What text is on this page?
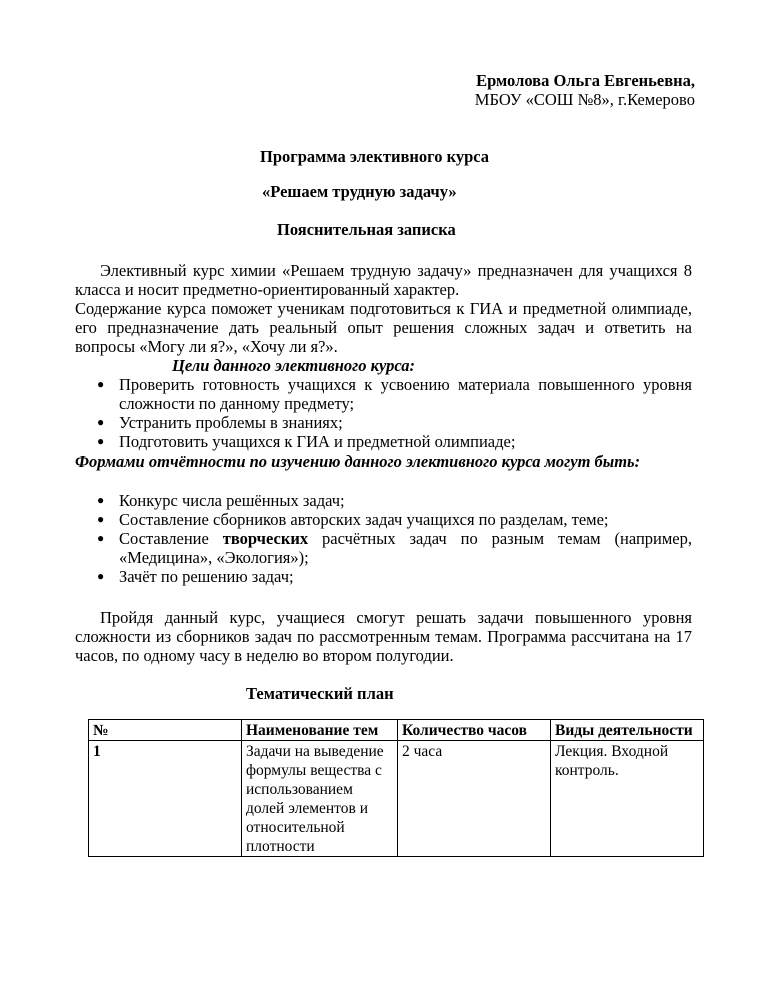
Ермолова Ольга Евгеньевна,
МБОУ «СОШ №8», г.Кемерово
Программа элективного курса
«Решаем трудную задачу»
Пояснительная записка
Элективный курс химии «Решаем трудную задачу» предназначен для учащихся 8 класса и носит предметно-ориентированный характер.
Содержание курса поможет ученикам подготовиться к ГИА и предметной олимпиаде, его предназначение дать реальный опыт решения сложных задач и ответить на вопросы «Могу ли я?», «Хочу ли я?».
Цели данного элективного курса:
● Проверить готовность учащихся к усвоению материала повышенного уровня сложности по данному предмету;
● Устранить проблемы в знаниях;
● Подготовить учащихся к ГИА и предметной олимпиаде;
Формами отчётности по изучению данного элективного курса могут быть:
● Конкурс числа решённых задач;
● Составление сборников авторских задач учащихся по разделам, теме;
● Составление творческих расчётных задач по разным темам (например, «Медицина», «Экология»);
● Зачёт по решению задач;
Пройдя данный курс, учащиеся смогут решать задачи повышенного уровня сложности из сборников задач по рассмотренным темам. Программа рассчитана на 17 часов, по одному часу в неделю во втором полугодии.
Тематический план
№	Наименование тем	Количество часов	Виды деятельности
1	Задачи на выведение формулы вещества с использованием долей элементов и относительной плотности	2 часа	Лекция. Входной контроль.
